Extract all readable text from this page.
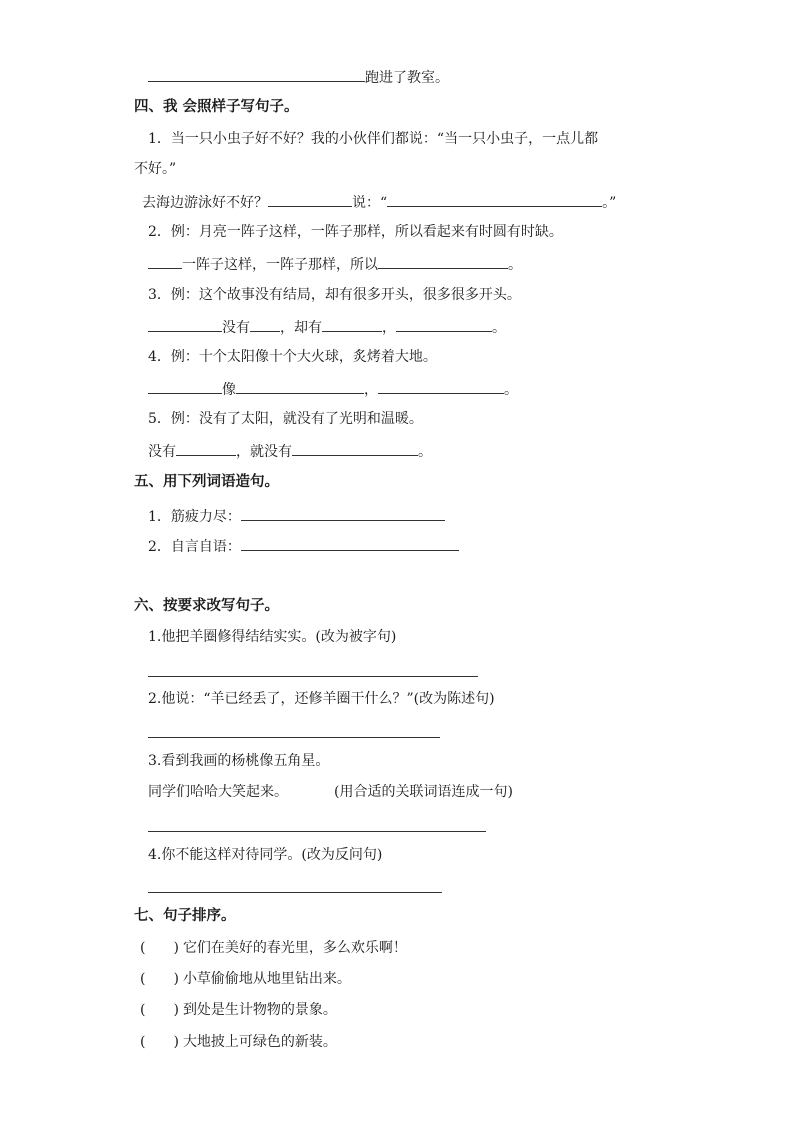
跑进了教室。
四、我 会照样子写句子。
1．当一只小虫子好不好？我的小伙伴们都说：“当一只小虫子，一点儿都
不好。”
去海边游泳好不好？	说：“	。”
2．例：月亮一阵子这样，一阵子那样，所以看起来有时圆有时缺。
一阵子这样，一阵子那样，所以	。
3．例：这个故事没有结局，却有很多开头，很多很多开头。
没有 ，却有	，	。
4．例：十个太阳像十个大火球，炙烤着大地。
像	，	。
5．例：没有了太阳，就没有了光明和温暖。
没有	，就没有	。
五、用下列词语造句。
1．筋疲力尽：
2．自言自语：
六、按要求改写句子。
1.他把羊圈修得结结实实。(改为被字句)
2.他说：“羊已经丢了，还修羊圈干什么？”(改为陈述句)
3.看到我画的杨桃像五角星。
同学们哈哈大笑起来。	(用合适的关联词语连成一句)
4.你不能这样对待同学。(改为反问句)
七、句子排序。
(  ) 它们在美好的春光里，多么欢乐啊！
(  ) 小草偷偷地从地里钻出来。
(  ) 到处是生计物物的景象。
(  ) 大地披上可绿色的新装。
